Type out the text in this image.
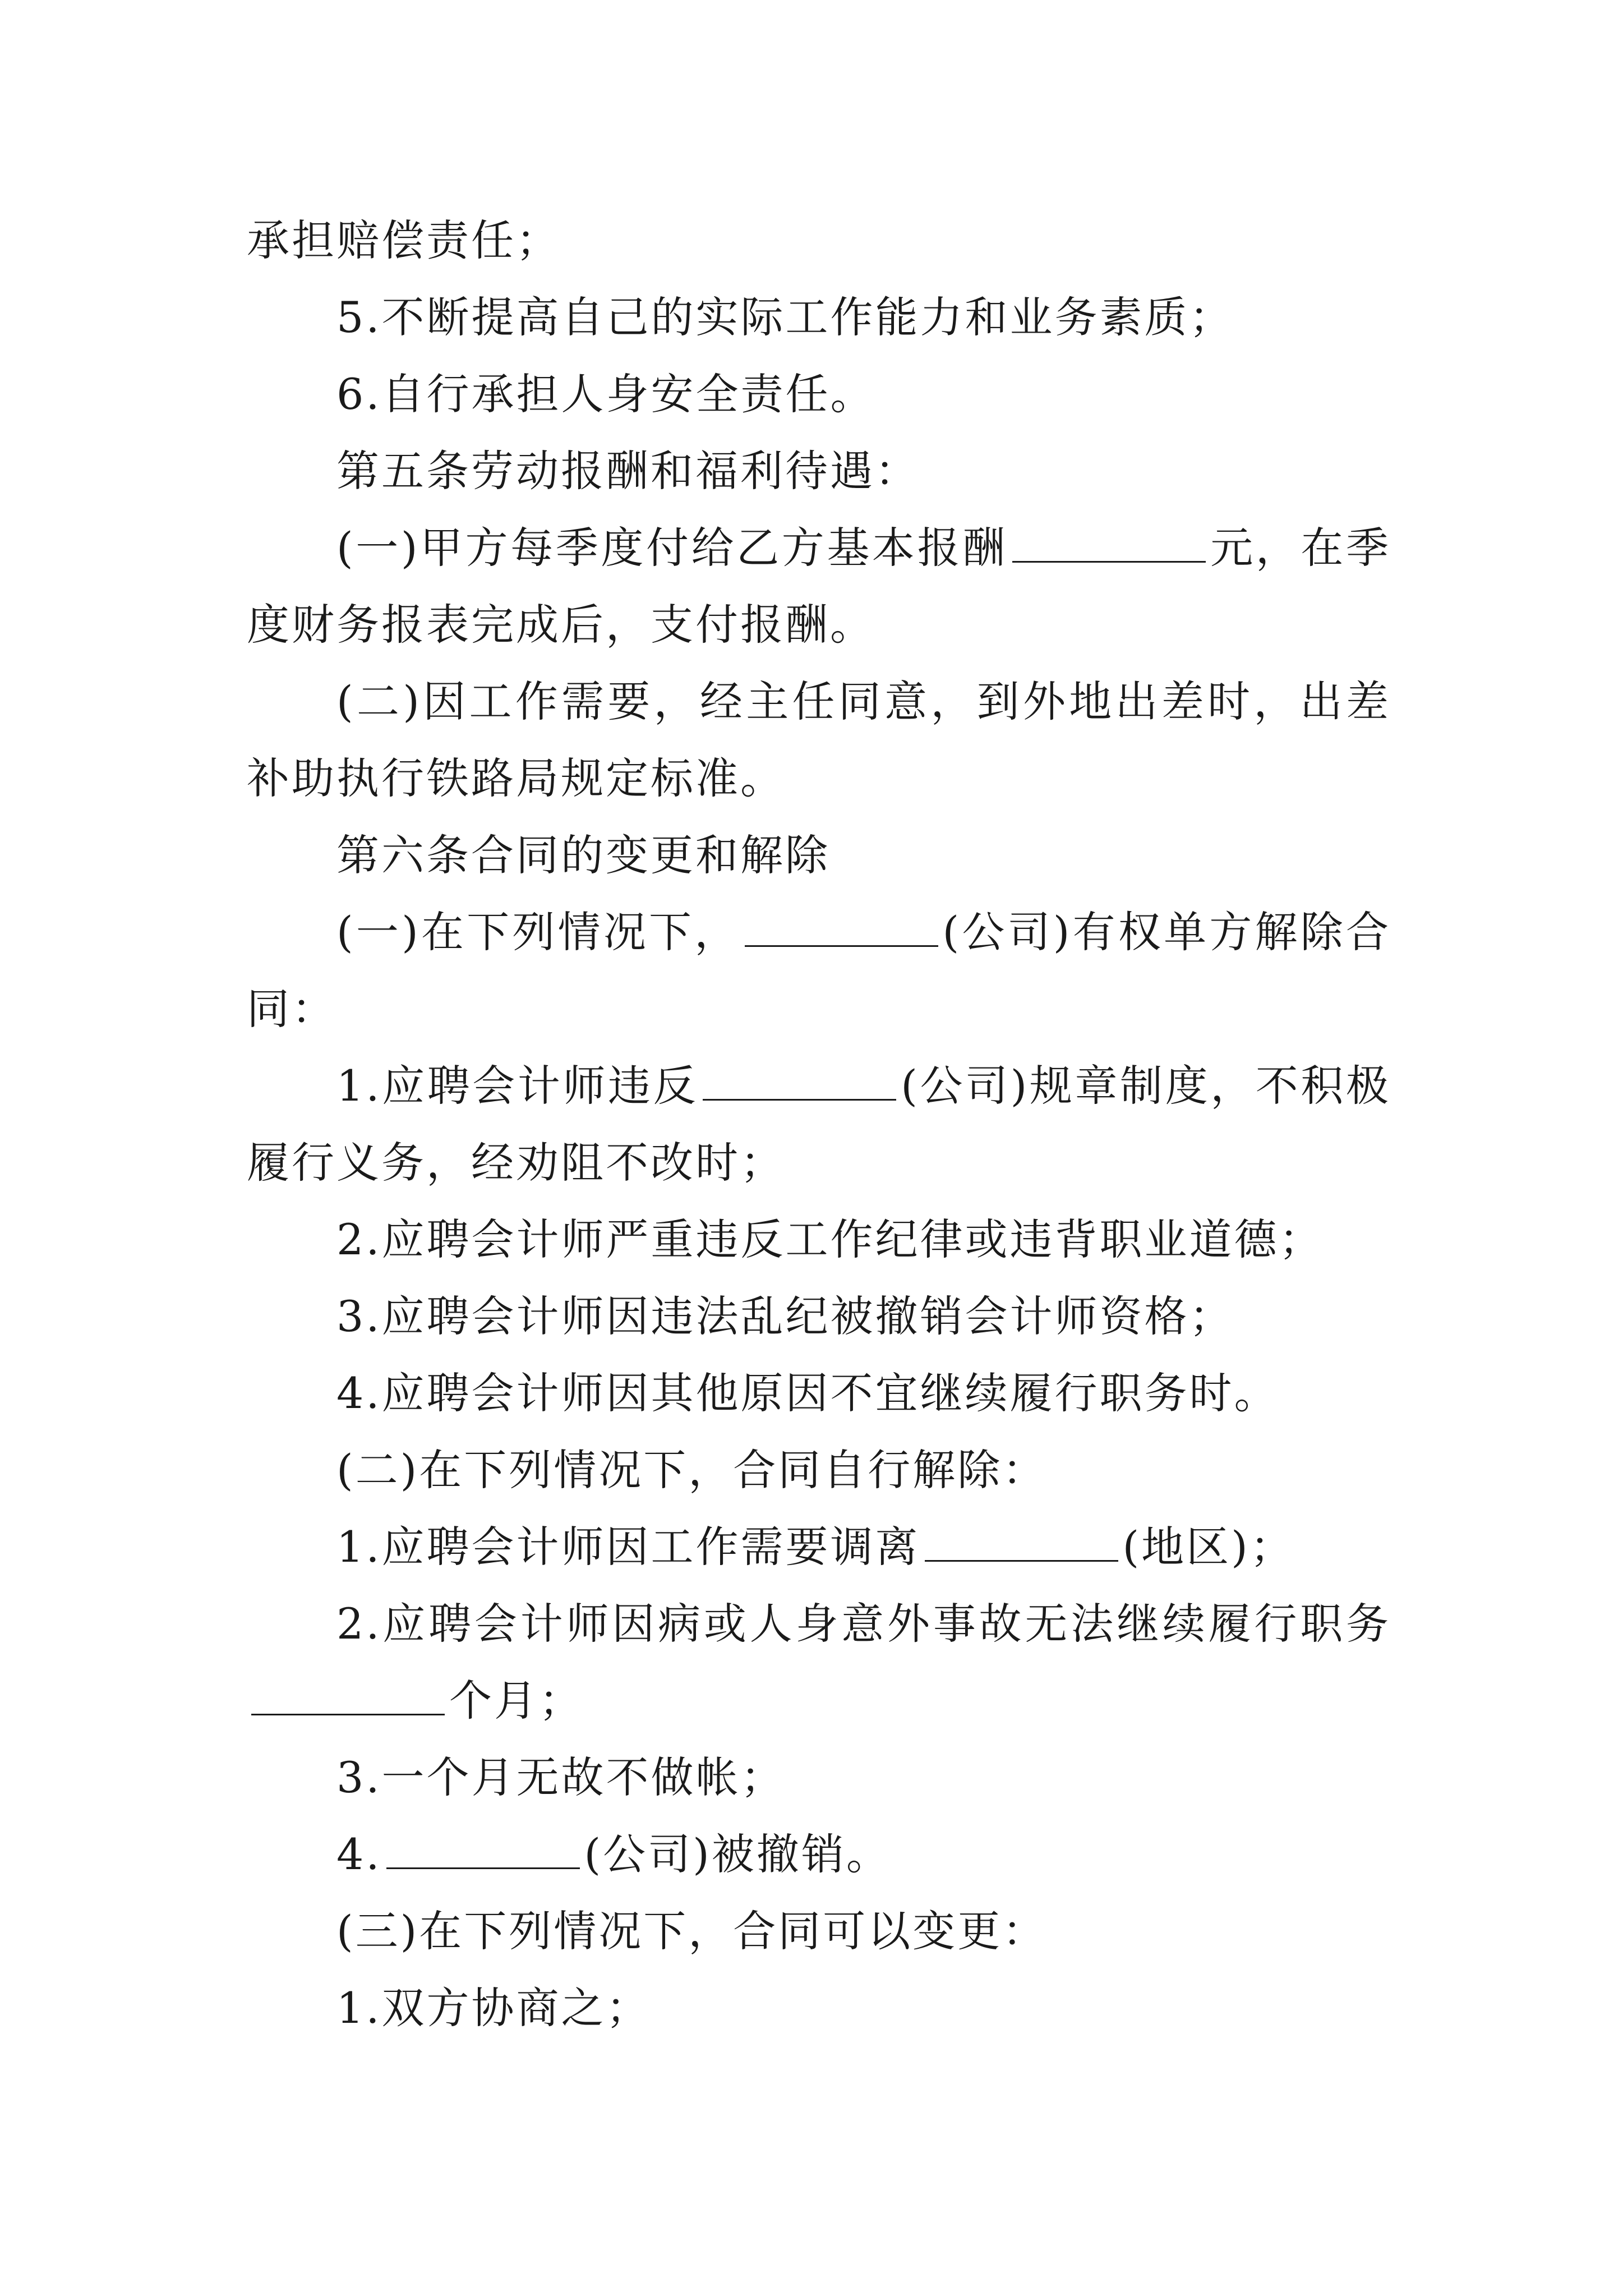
承担赔偿责任；

5.不断提高自己的实际工作能力和业务素质；

6.自行承担人身安全责任。

第五条劳动报酬和福利待遇：

(一)甲方每季度付给乙方基本报酬	元，在季度财务报表完成后，支付报酬。

(二)因工作需要，经主任同意，到外地出差时，出差补助执行铁路局规定标准。

第六条合同的变更和解除

(一)在下列情况下，	(公司)有权单方解除合同：

1.应聘会计师违反	(公司)规章制度，不积极履行义务，经劝阻不改时；

2.应聘会计师严重违反工作纪律或违背职业道德；

3.应聘会计师因违法乱纪被撤销会计师资格；

4.应聘会计师因其他原因不宜继续履行职务时。

(二)在下列情况下，合同自行解除：

1.应聘会计师因工作需要调离	(地区)；

2.应聘会计师因病或人身意外事故无法继续履行职务个月；

3.一个月无故不做帐；

4.	(公司)被撤销。

(三)在下列情况下，合同可以变更：

1.双方协商之；
